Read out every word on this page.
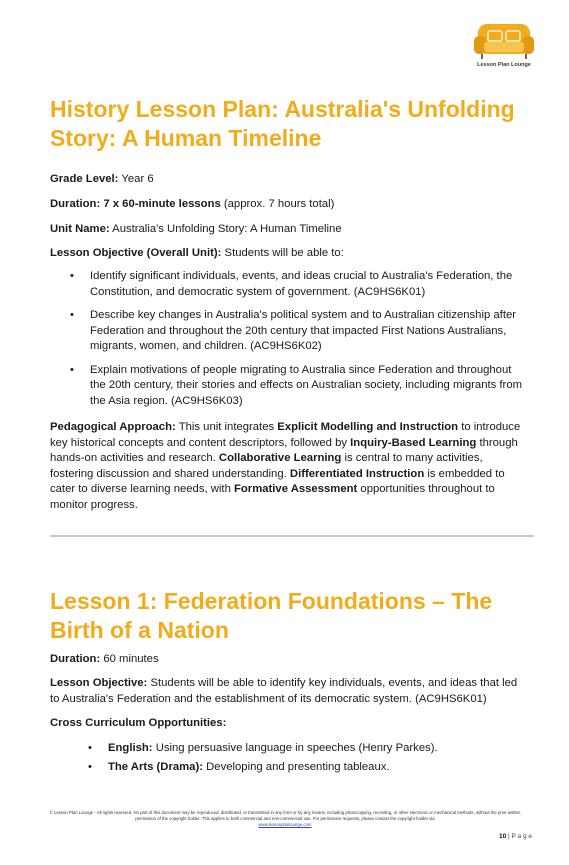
Lesson Plan Lounge
History Lesson Plan: Australia's Unfolding Story: A Human Timeline
Grade Level: Year 6
Duration: 7 x 60-minute lessons (approx. 7 hours total)
Unit Name: Australia's Unfolding Story: A Human Timeline
Lesson Objective (Overall Unit): Students will be able to:
• Identify significant individuals, events, and ideas crucial to Australia's Federation, the Constitution, and democratic system of government. (AC9HS6K01)
• Describe key changes in Australia's political system and to Australian citizenship after Federation and throughout the 20th century that impacted First Nations Australians, migrants, women, and children. (AC9HS6K02)
• Explain motivations of people migrating to Australia since Federation and throughout the 20th century, their stories and effects on Australian society, including migrants from the Asia region. (AC9HS6K03)
Pedagogical Approach: This unit integrates Explicit Modelling and Instruction to introduce key historical concepts and content descriptors, followed by Inquiry-Based Learning through hands-on activities and research. Collaborative Learning is central to many activities, fostering discussion and shared understanding. Differentiated Instruction is embedded to cater to diverse learning needs, with Formative Assessment opportunities throughout to monitor progress.
Lesson 1: Federation Foundations – The Birth of a Nation
Duration: 60 minutes
Lesson Objective: Students will be able to identify key individuals, events, and ideas that led to Australia's Federation and the establishment of its democratic system. (AC9HS6K01)
Cross Curriculum Opportunities:
• English: Using persuasive language in speeches (Henry Parkes).
• The Arts (Drama): Developing and presenting tableaux.
© Lesson Plan Lounge - All rights reserved. No part of this document may be reproduced, distributed, or transmitted in any form or by any means, including photocopying, recording, or other electronic or mechanical methods, without the prior written permission of the copyright holder. This applies to both commercial and non-commercial use. For permission requests, please contact the copyright holder via
www.lessonplanlounge.com
10 | P a g e
